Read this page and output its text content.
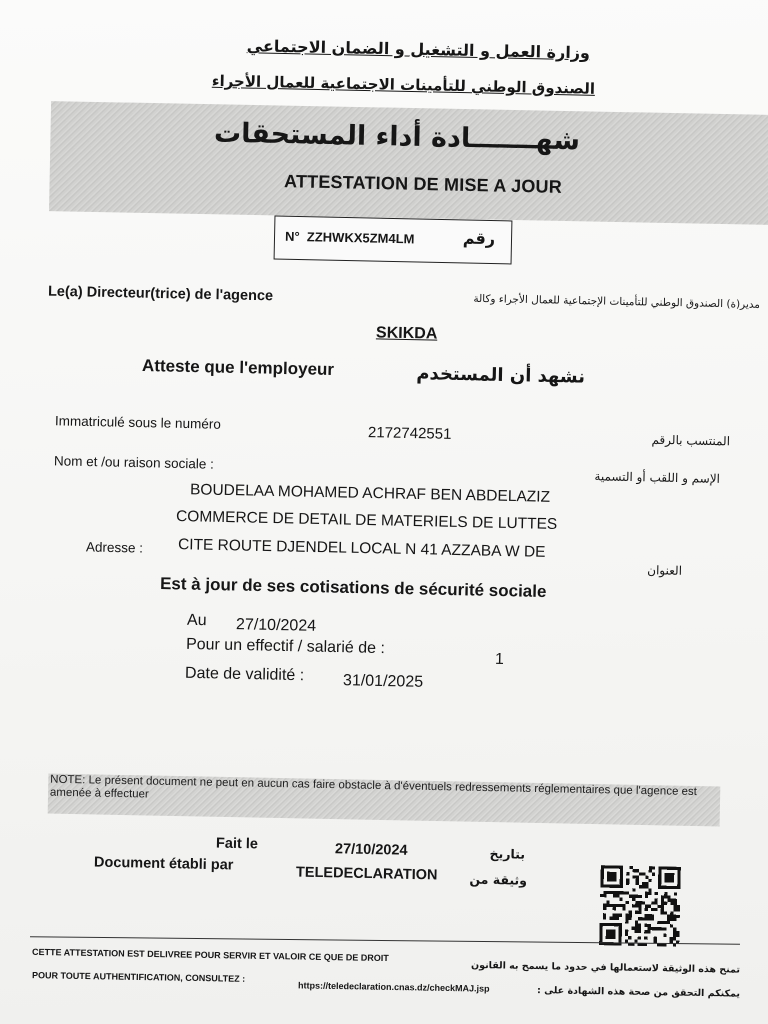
وزارة العمل و التشغيل و الضمان الاجتماعي
الصندوق الوطني للتأمينات الاجتماعية للعمال الأجراء
شهـــــــادة أداء المستحقات
ATTESTATION DE MISE A JOUR
N° ZZHWKX5ZM4LM	رقم
Le(a) Directeur(trice) de l'agence	مدير(ة) الصندوق الوطني للتأمينات الإجتماعية للعمال الأجراء وكالة
SKIKDA
Atteste que l'employeur	نشهد أن المستخدم
Immatriculé sous le numéro
2172742551	المنتسب بالرقم
Nom et /ou raison sociale :
الإسم و اللقب أو التسمية
BOUDELAA MOHAMED ACHRAF BEN ABDELAZIZ
COMMERCE DE DETAIL DE MATERIELS DE LUTTES
Adresse : CITE ROUTE DJENDEL LOCAL N 41 AZZABA W DE
العنوان
Est à jour de ses cotisations de sécurité sociale
Au 27/10/2024
Pour un effectif / salarié de :
1
Date de validité : 31/01/2025
NOTE: Le présent document ne peut en aucun cas faire obstacle à d'éventuels redressements réglementaires que l'agence est amenée à effectuer
Fait le	27/10/2024	بتاريخ
Document établi par
TELEDECLARATION	وثيقة من
CETTE ATTESTATION EST DELIVREE POUR SERVIR ET VALOIR CE QUE DE DROIT
POUR TOUTE AUTHENTIFICATION, CONSULTEZ :
https://teledeclaration.cnas.dz/checkMAJ.jsp
تمنح هذه الوثيقة لاستعمالها في حدود ما يسمح به القانون
يمكنكم التحقق من صحة هذه الشهادة على :
